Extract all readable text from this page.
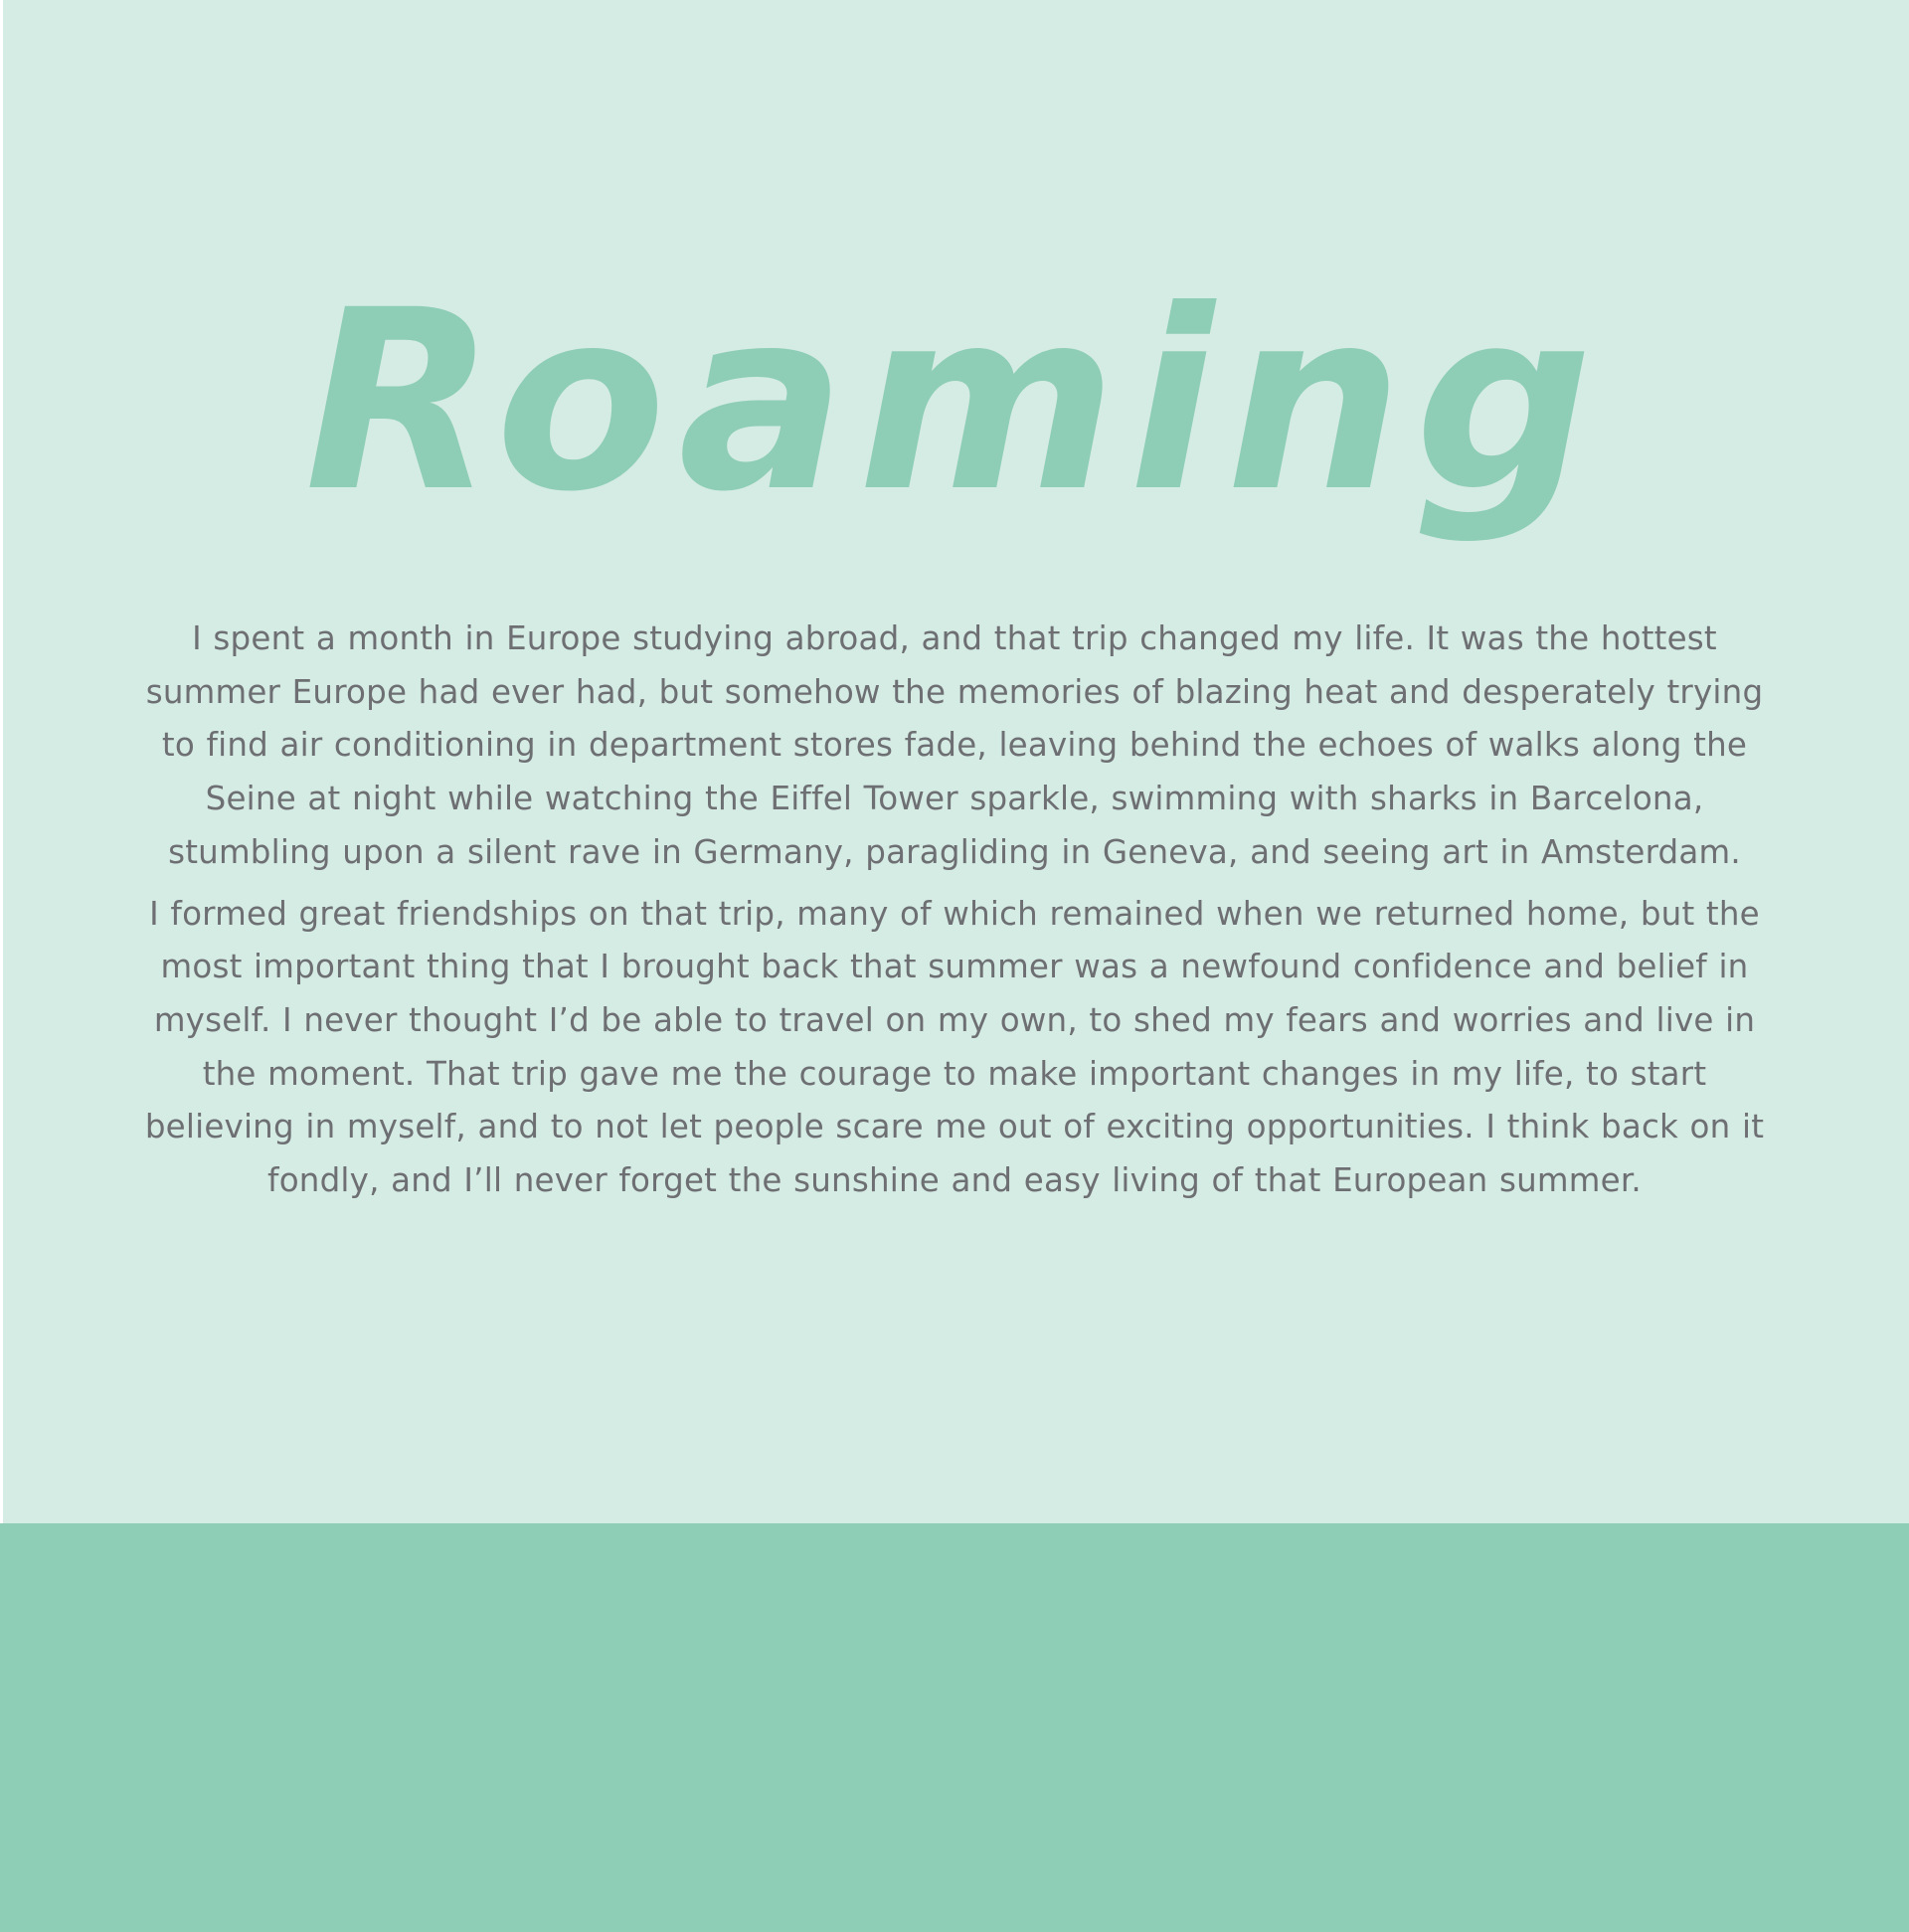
Roaming

I spent a month in Europe studying abroad, and that trip changed my life. It was the hottest summer Europe had ever had, but somehow the memories of blazing heat and desperately trying to find air conditioning in department stores fade, leaving behind the echoes of walks along the Seine at night while watching the Eiffel Tower sparkle, swimming with sharks in Barcelona, stumbling upon a silent rave in Germany, paragliding in Geneva, and seeing art in Amsterdam.

I formed great friendships on that trip, many of which remained when we returned home, but the most important thing that I brought back that summer was a newfound confidence and belief in myself. I never thought I’d be able to travel on my own, to shed my fears and worries and live in the moment. That trip gave me the courage to make important changes in my life, to start believing in myself, and to not let people scare me out of exciting opportunities. I think back on it fondly, and I’ll never forget the sunshine and easy living of that European summer.
